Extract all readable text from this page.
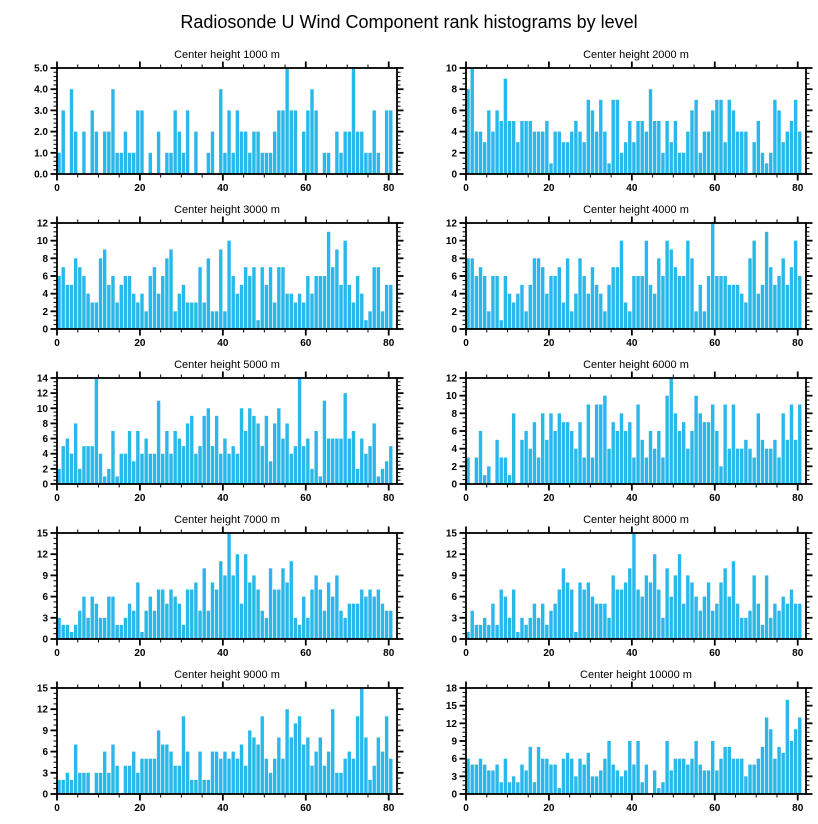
Radiosonde U Wind Component rank histograms by level
Center height 1000 m
0.0
1.0
2.0
3.0
4.0
5.0
0	20	40	60	80
Center height 2000 m
0
2
4
6
8
10
0	20	40	60	80
Center height 3000 m
0
2
4
6
8
10
12
0	20	40	60	80
Center height 4000 m
0
2
4
6
8
10
12
0	20	40	60	80
Center height 5000 m
0
2
4
6
8
10
12
14
0	20	40	60	80
Center height 6000 m
0
2
4
6
8
10
12
0	20	40	60	80
Center height 7000 m
0
3
6
9
12
15
0	20	40	60	80
Center height 8000 m
0
3
6
9
12
15
0	20	40	60	80
Center height 9000 m
0
3
6
9
12
15
0	20	40	60	80
Center height 10000 m
0
3
6
9
12
15
18
0	20	40	60	80
